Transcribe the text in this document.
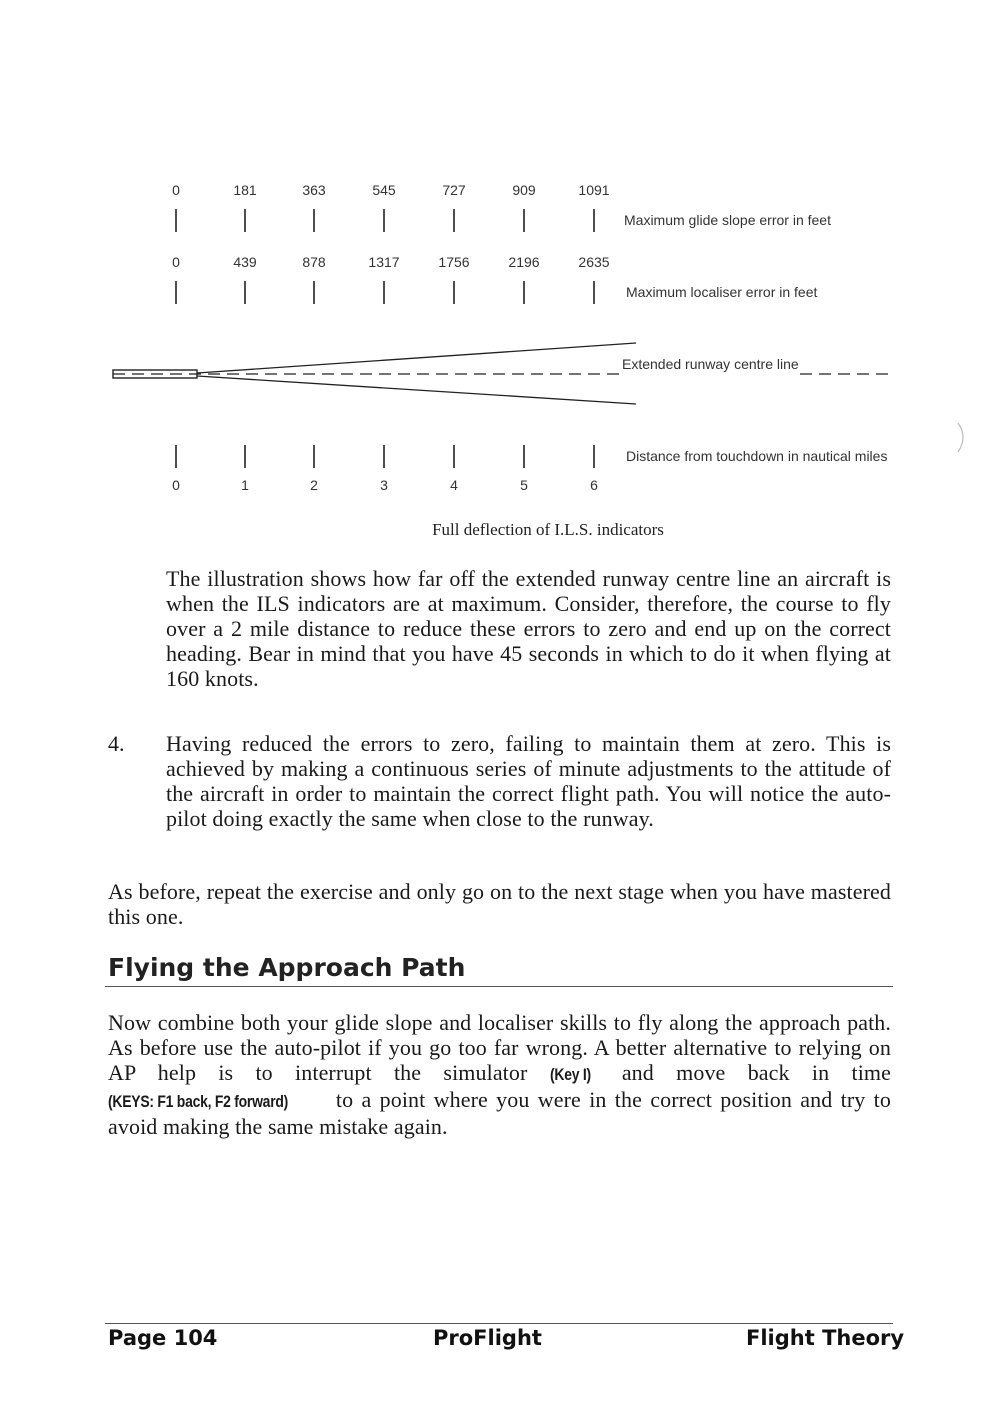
0	181	363	545	727	909	1091
Maximum glide slope error in feet
0	439	878	1317	1756	2196	2635
Maximum localiser error in feet
Extended runway centre line
0	1	2	3	4	5	6
Distance from touchdown in nautical miles
Full deflection of I.L.S. indicators
The illustration shows how far off the extended runway centre line an aircraft is when the ILS indicators are at maximum. Consider, therefore, the course to fly over a 2 mile distance to reduce these errors to zero and end up on the correct heading. Bear in mind that you have 45 seconds in which to do it when flying at 160 knots.
4. Having reduced the errors to zero, failing to maintain them at zero. This is achieved by making a continuous series of minute adjustments to the attitude of the aircraft in order to maintain the correct flight path. You will notice the auto-pilot doing exactly the same when close to the runway.
As before, repeat the exercise and only go on to the next stage when you have mastered this one.
Flying the Approach Path
Now combine both your glide slope and localiser skills to fly along the approach path. As before use the auto-pilot if you go too far wrong. A better alternative to relying on AP help is to interrupt the simulator (Key I) and move back in time (KEYS: F1 back, F2 forward) to a point where you were in the correct position and try to avoid making the same mistake again.
Page 104	ProFlight	Flight Theory
